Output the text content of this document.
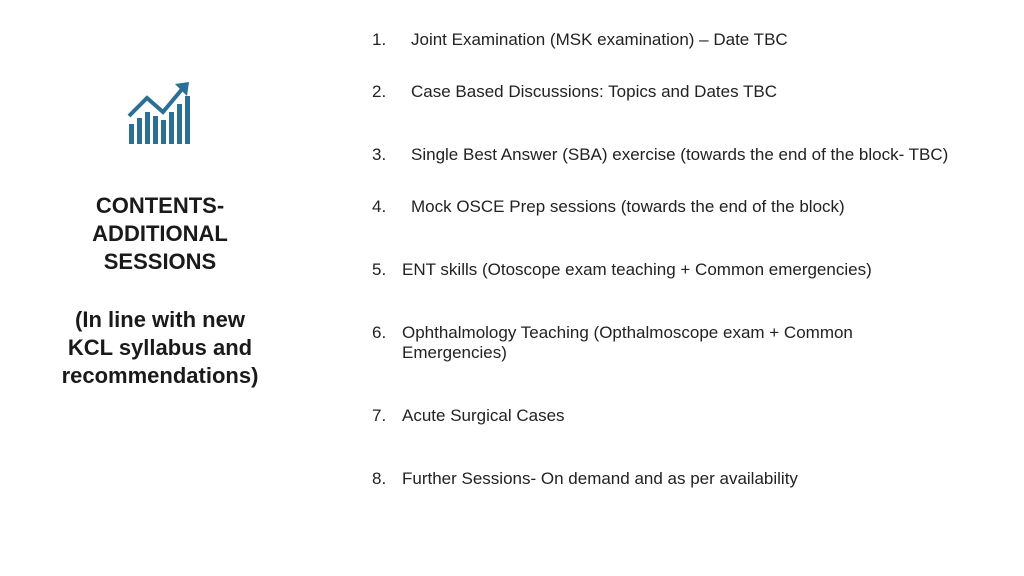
CONTENTS-
ADDITIONAL
SESSIONS
(In line with new
KCL syllabus and
recommendations)
1. Joint Examination (MSK examination) – Date TBC
2. Case Based Discussions: Topics and Dates TBC
3. Single Best Answer (SBA) exercise (towards the end of the block- TBC)
4. Mock OSCE Prep sessions (towards the end of the block)
5. ENT skills (Otoscope exam teaching + Common emergencies)
6. Ophthalmology Teaching (Opthalmoscope exam + Common Emergencies)
7. Acute Surgical Cases
8. Further Sessions- On demand and as per availability
